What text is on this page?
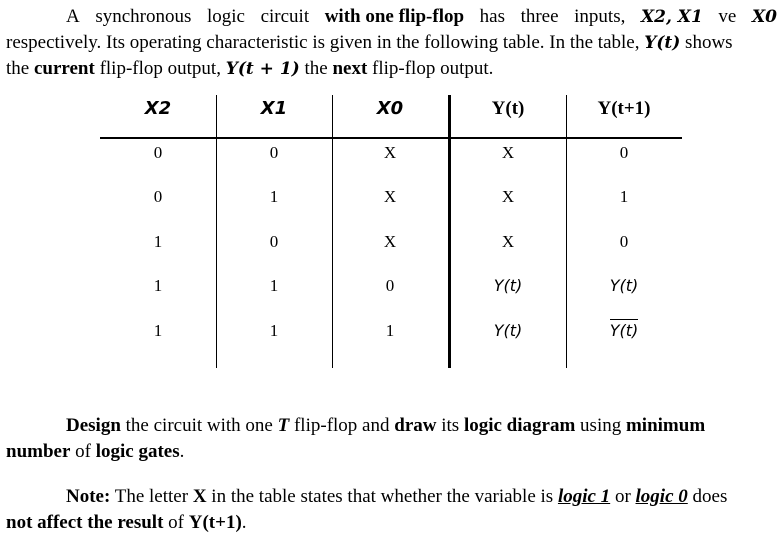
A synchronous logic circuit with one flip-flop has three inputs, X2, X1 ve X0
respectively. Its operating characteristic is given in the following table. In the table, Y(t) shows
the current flip-flop output, Y(t + 1) the next flip-flop output.
X2	X1	X0	Y(t)	Y(t+1)
0	0	X	X	0
0	1	X	X	1
1	0	X	X	0
1	1	0	Y(t)	Y(t)
1	1	1	Y(t)	Y(t)
Design the circuit with one T flip-flop and draw its logic diagram using minimum
number of logic gates.
Note: The letter X in the table states that whether the variable is logic 1 or logic 0 does
not affect the result of Y(t+1).
